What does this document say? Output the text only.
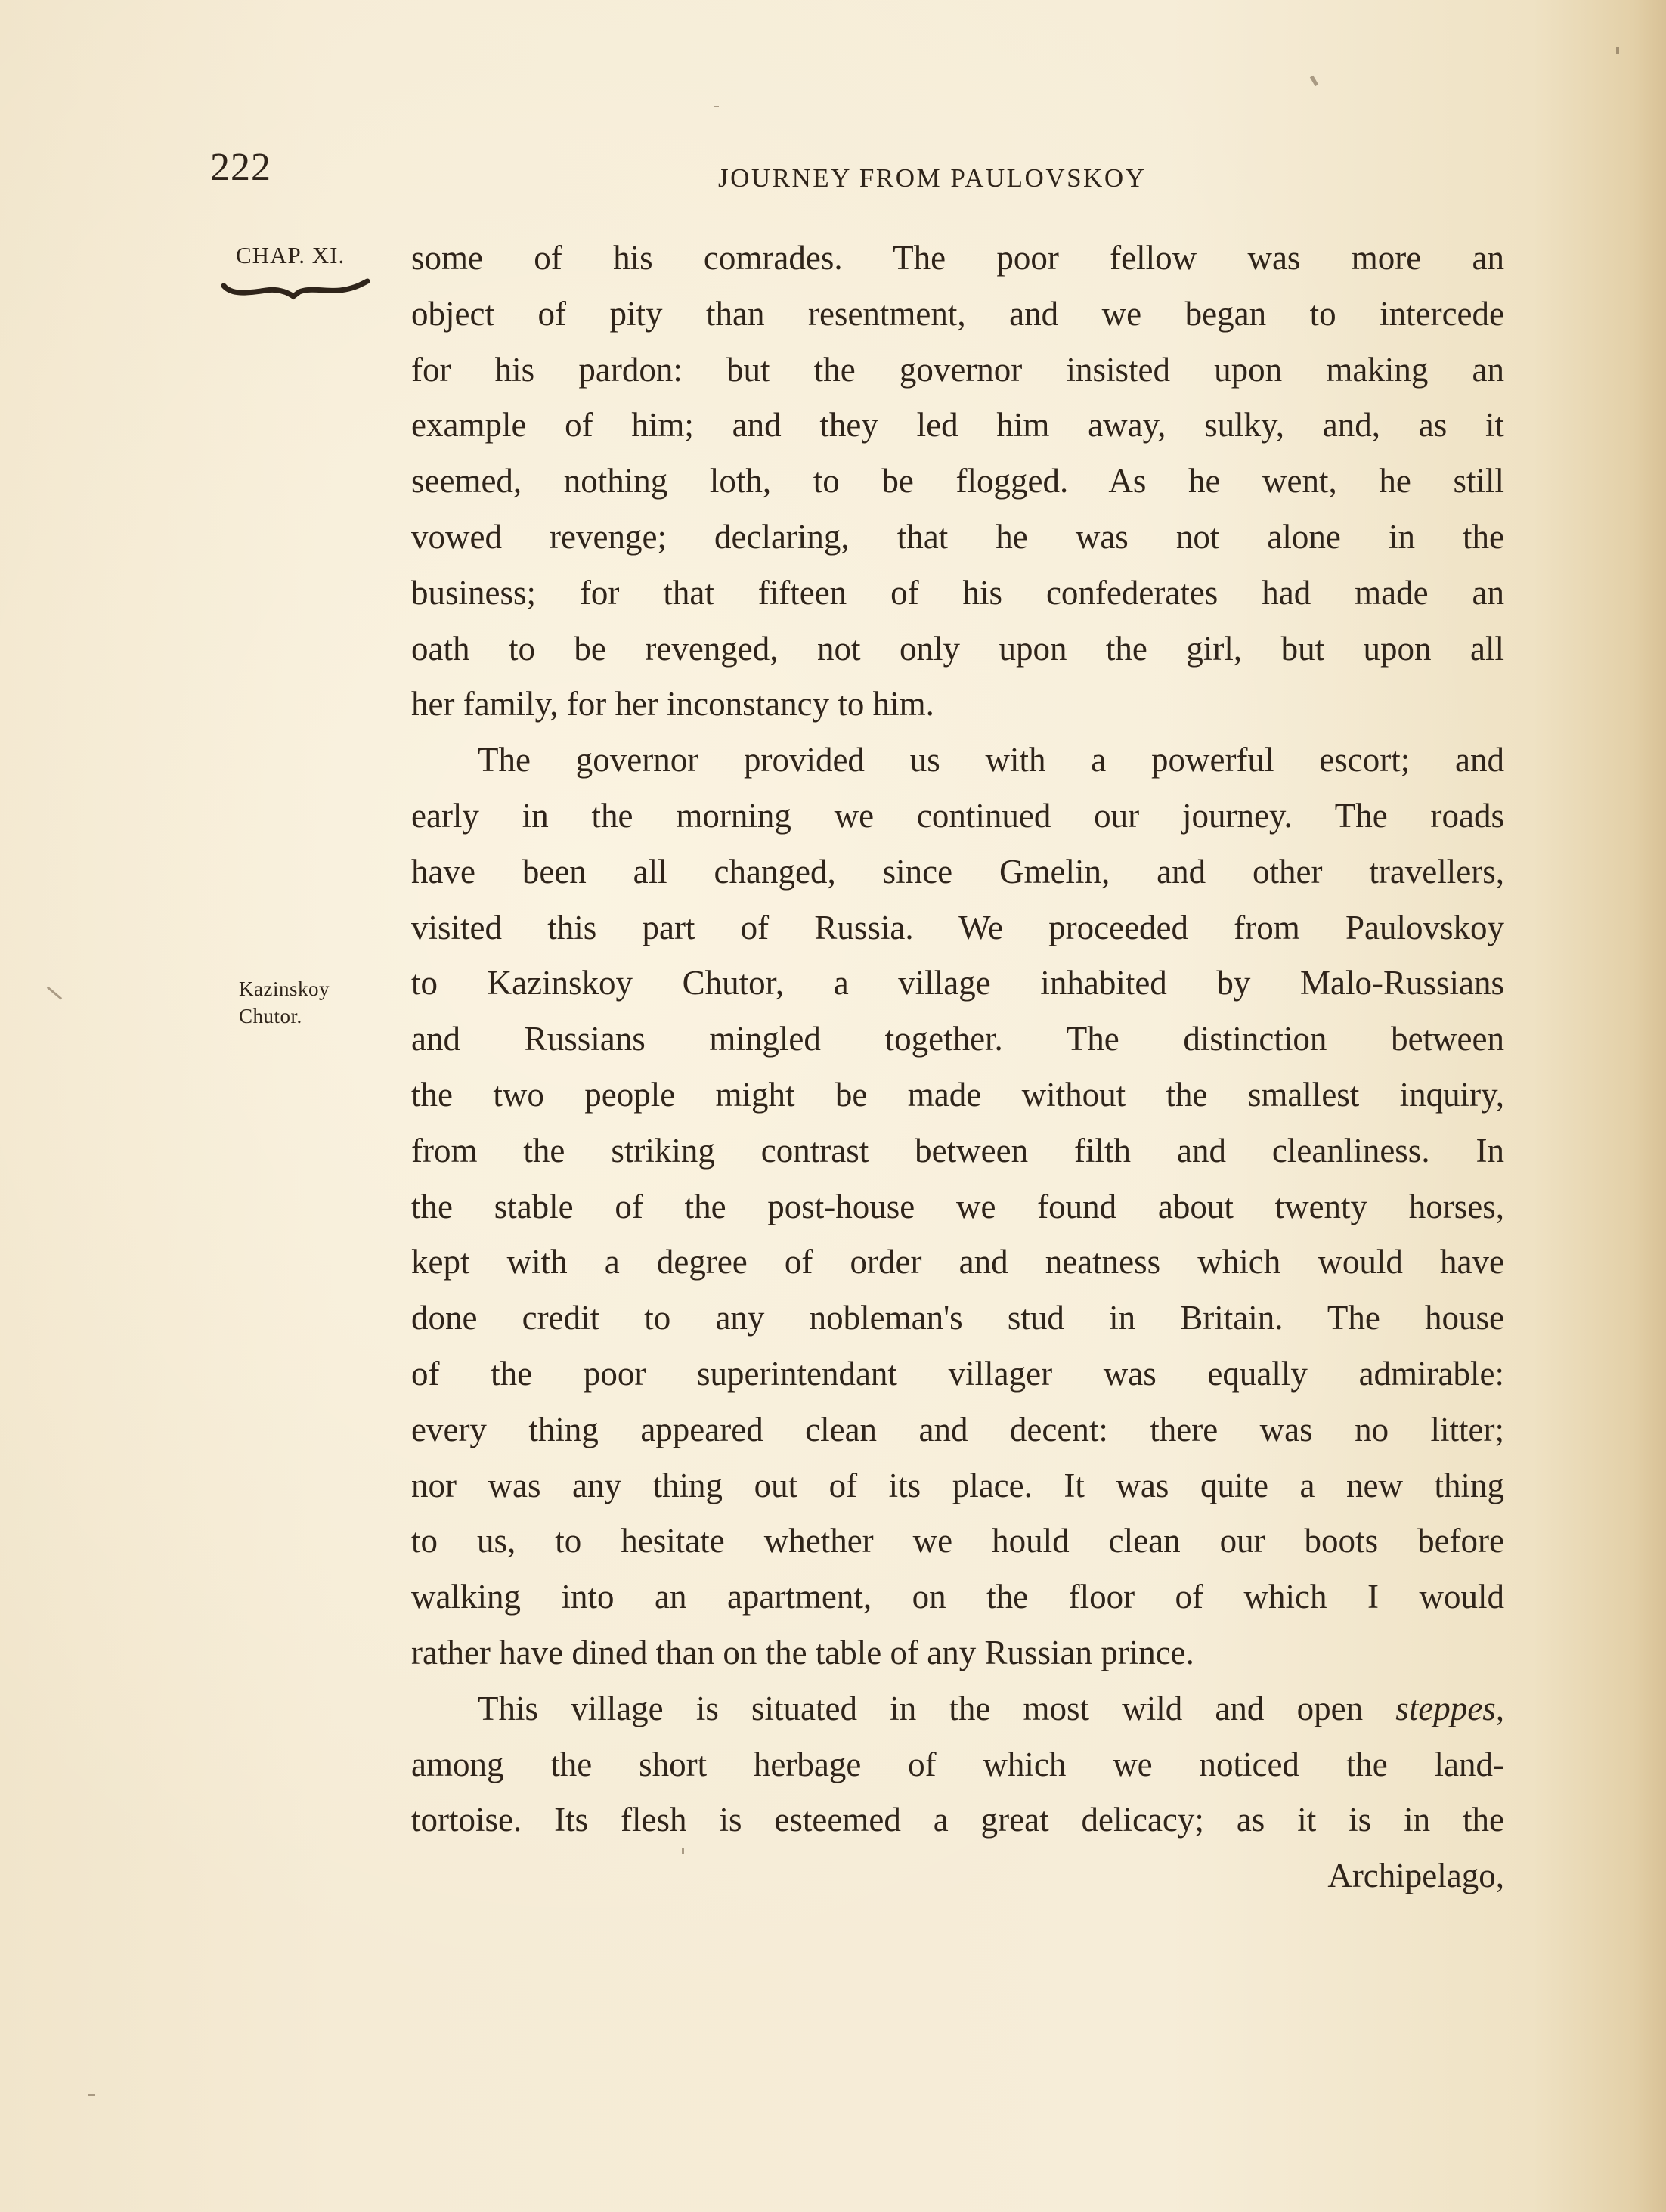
222	JOURNEY FROM PAULOVSKOY
CHAP. XI.
Kazinskoy
Chutor.
some of his comrades. The poor fellow was more an
object of pity than resentment, and we began to intercede
for his pardon: but the governor insisted upon making an
example of him; and they led him away, sulky, and, as it
seemed, nothing loth, to be flogged. As he went, he still
vowed revenge; declaring, that he was not alone in the
business; for that fifteen of his confederates had made an
oath to be revenged, not only upon the girl, but upon all
her family, for her inconstancy to him.
The governor provided us with a powerful escort; and
early in the morning we continued our journey. The roads
have been all changed, since Gmelin, and other travellers,
visited this part of Russia. We proceeded from Paulovskoy
to Kazinskoy Chutor, a village inhabited by Malo-Russians
and Russians mingled together. The distinction between
the two people might be made without the smallest inquiry,
from the striking contrast between filth and cleanliness. In
the stable of the post-house we found about twenty horses,
kept with a degree of order and neatness which would have
done credit to any nobleman's stud in Britain. The house
of the poor superintendant villager was equally admirable:
every thing appeared clean and decent: there was no litter;
nor was any thing out of its place. It was quite a new thing
to us, to hesitate whether we hould clean our boots before
walking into an apartment, on the floor of which I would
rather have dined than on the table of any Russian prince.
This village is situated in the most wild and open steppes,
among the short herbage of which we noticed the land-
tortoise. Its flesh is esteemed a great delicacy; as it is in the
Archipelago,
